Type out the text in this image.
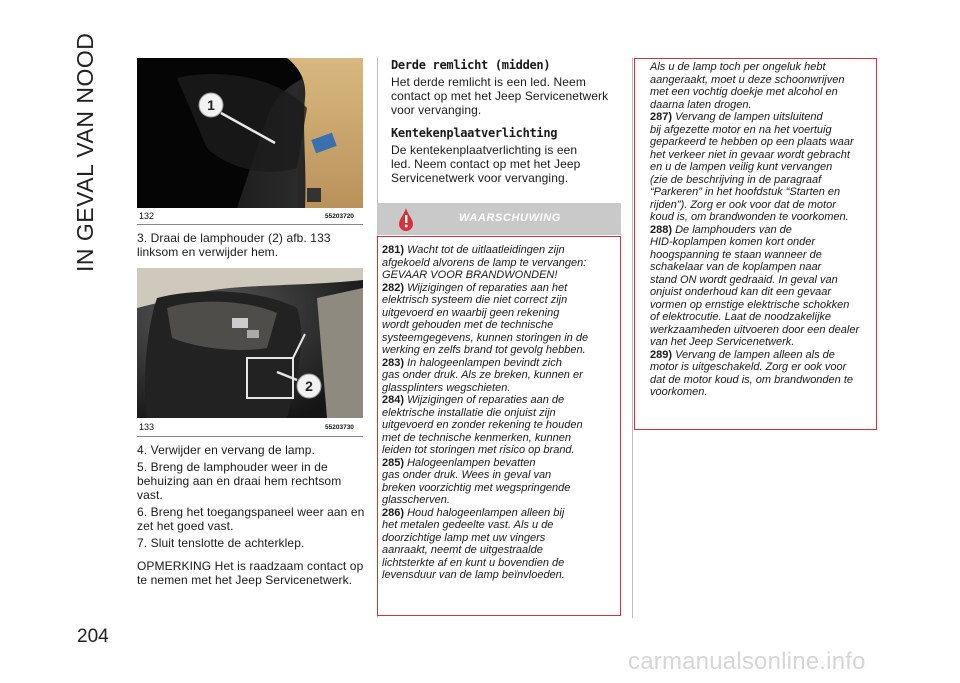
IN GEVAL VAN NOOD
204
1
132	55203720
3. Draai de lamphouder (2) afb. 133
linksom en verwijder hem.
2
133	55203730
4. Verwijder en vervang de lamp.
5. Breng de lamphouder weer in de
behuizing aan en draai hem rechtsom
vast.
6. Breng het toegangspaneel weer aan en
zet het goed vast.
7. Sluit tenslotte de achterklep.
OPMERKING Het is raadzaam contact op
te nemen met het Jeep Servicenetwerk.
Derde remlicht (midden)
Het derde remlicht is een led. Neem
contact op met het Jeep Servicenetwerk
voor vervanging.
Kentekenplaatverlichting
De kentekenplaatverlichting is een
led. Neem contact op met het Jeep
Servicenetwerk voor vervanging.
WAARSCHUWING
281) Wacht tot de uitlaatleidingen zijn
afgekoeld alvorens de lamp te vervangen:
GEVAAR VOOR BRANDWONDEN!
282) Wijzigingen of reparaties aan het
elektrisch systeem die niet correct zijn
uitgevoerd en waarbij geen rekening
wordt gehouden met de technische
systeemgegevens, kunnen storingen in de
werking en zelfs brand tot gevolg hebben.
283) In halogeenlampen bevindt zich
gas onder druk. Als ze breken, kunnen er
glassplinters wegschieten.
284) Wijzigingen of reparaties aan de
elektrische installatie die onjuist zijn
uitgevoerd en zonder rekening te houden
met de technische kenmerken, kunnen
leiden tot storingen met risico op brand.
285) Halogeenlampen bevatten
gas onder druk. Wees in geval van
breken voorzichtig met wegspringende
glasscherven.
286) Houd halogeenlampen alleen bij
het metalen gedeelte vast. Als u de
doorzichtige lamp met uw vingers
aanraakt, neemt de uitgestraalde
lichtsterkte af en kunt u bovendien de
levensduur van de lamp beïnvloeden.
Als u de lamp toch per ongeluk hebt
aangeraakt, moet u deze schoonwrijven
met een vochtig doekje met alcohol en
daarna laten drogen.
287) Vervang de lampen uitsluitend
bij afgezette motor en na het voertuig
geparkeerd te hebben op een plaats waar
het verkeer niet in gevaar wordt gebracht
en u de lampen veilig kunt vervangen
(zie de beschrijving in de paragraaf
“Parkeren” in het hoofdstuk “Starten en
rijden”). Zorg er ook voor dat de motor
koud is, om brandwonden te voorkomen.
288) De lamphouders van de
HID-koplampen komen kort onder
hoogspanning te staan wanneer de
schakelaar van de koplampen naar
stand ON wordt gedraaid. In geval van
onjuist onderhoud kan dit een gevaar
vormen op ernstige elektrische schokken
of elektrocutie. Laat de noodzakelijke
werkzaamheden uitvoeren door een dealer
van het Jeep Servicenetwerk.
289) Vervang de lampen alleen als de
motor is uitgeschakeld. Zorg er ook voor
dat de motor koud is, om brandwonden te
voorkomen.
carmanualsonline.info
